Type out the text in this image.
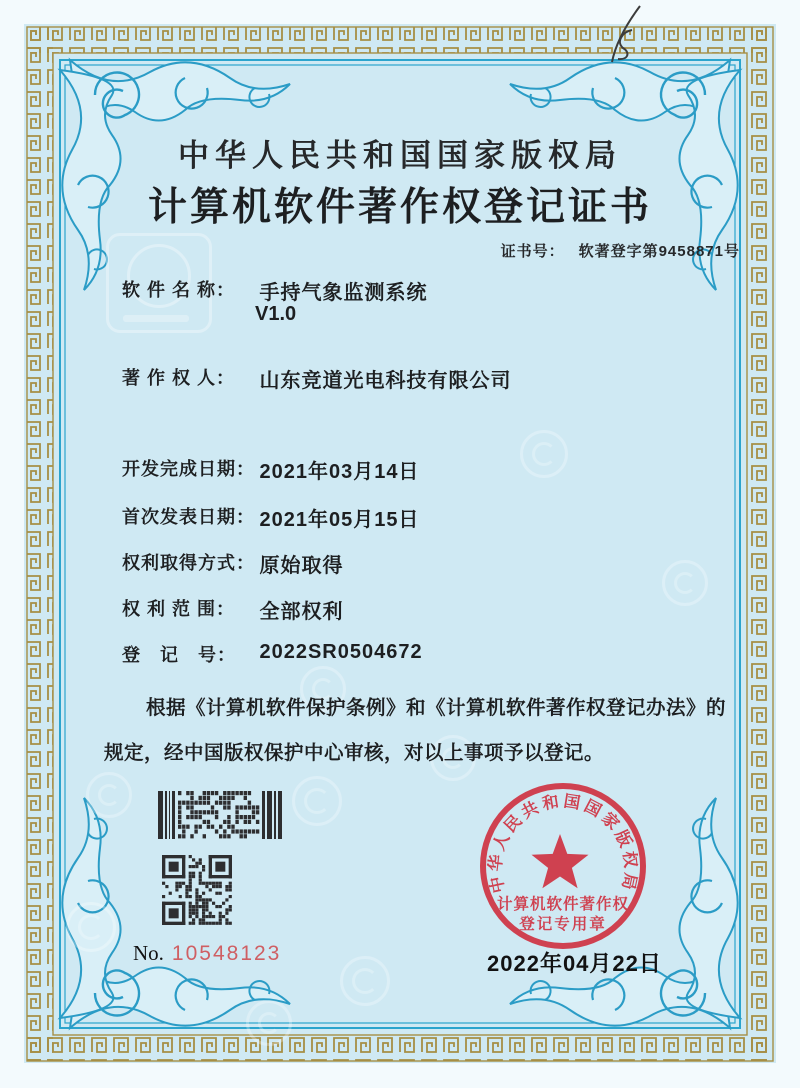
中华人民共和国国家版权局
计算机软件著作权登记证书
证书号： 软著登字第9458871号
软 件 名 称： 手持气象监测系统
V1.0
著 作 权 人： 山东竞道光电科技有限公司
开发完成日期： 2021年03月14日
首次发表日期： 2021年05月15日
权利取得方式： 原始取得
权 利 范 围： 全部权利
登　记　号： 2022SR0504672
根据《计算机软件保护条例》和《计算机软件著作权登记办法》的
规定，经中国版权保护中心审核，对以上事项予以登记。
No. 10548123
中华人民共和国国家版权局
计算机软件著作权
登记专用章
2022年04月22日
